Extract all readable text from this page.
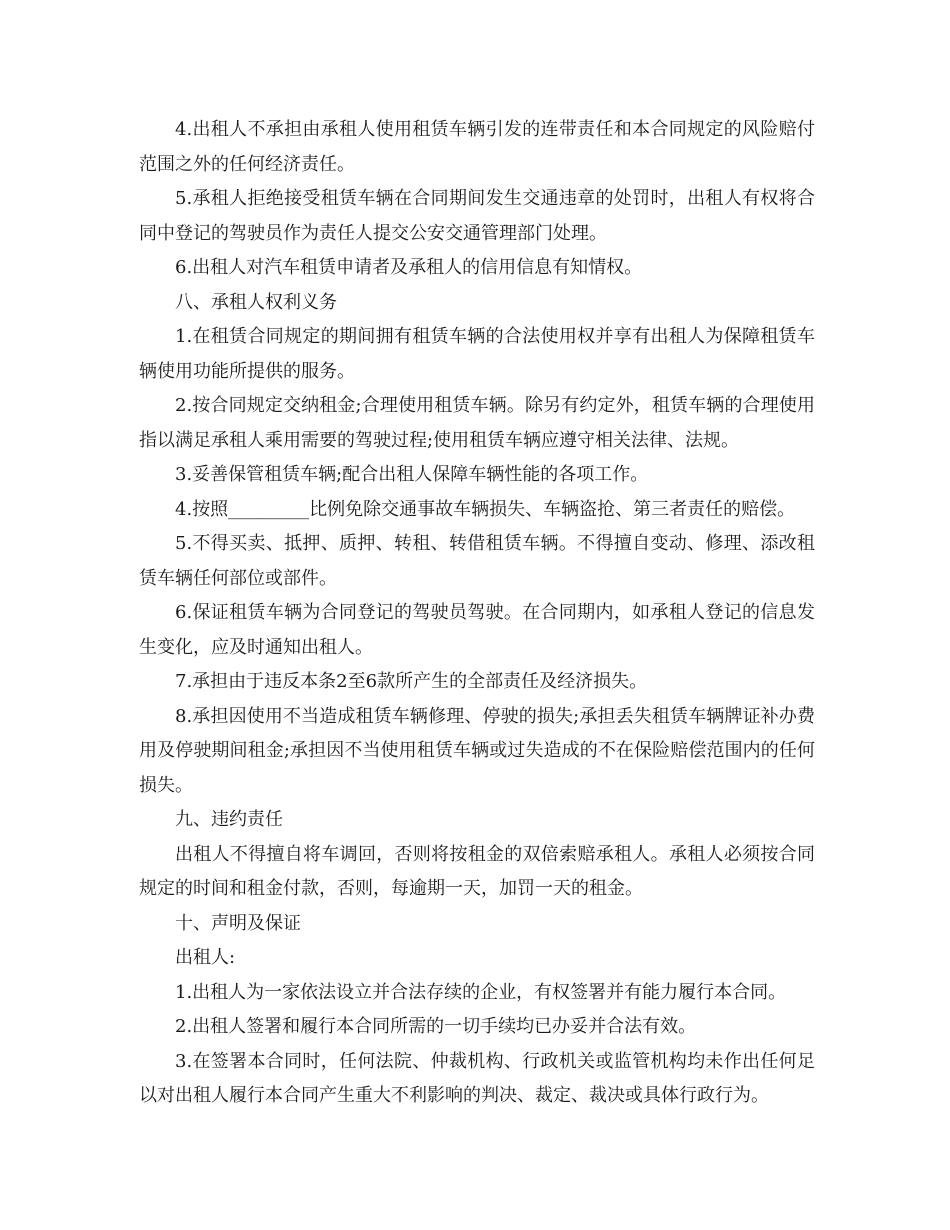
4.出租人不承担由承租人使用租赁车辆引发的连带责任和本合同规定的风险赔付范围之外的任何经济责任。

5.承租人拒绝接受租赁车辆在合同期间发生交通违章的处罚时，出租人有权将合同中登记的驾驶员作为责任人提交公安交通管理部门处理。

6.出租人对汽车租赁申请者及承租人的信用信息有知情权。

八、承租人权利义务

1.在租赁合同规定的期间拥有租赁车辆的合法使用权并享有出租人为保障租赁车辆使用功能所提供的服务。

2.按合同规定交纳租金;合理使用租赁车辆。除另有约定外，租赁车辆的合理使用指以满足承租人乘用需要的驾驶过程;使用租赁车辆应遵守相关法律、法规。

3.妥善保管租赁车辆;配合出租人保障车辆性能的各项工作。

4.按照_________比例免除交通事故车辆损失、车辆盗抢、第三者责任的赔偿。

5.不得买卖、抵押、质押、转租、转借租赁车辆。不得擅自变动、修理、添改租赁车辆任何部位或部件。

6.保证租赁车辆为合同登记的驾驶员驾驶。在合同期内，如承租人登记的信息发生变化，应及时通知出租人。

7.承担由于违反本条2至6款所产生的全部责任及经济损失。

8.承担因使用不当造成租赁车辆修理、停驶的损失;承担丢失租赁车辆牌证补办费用及停驶期间租金;承担因不当使用租赁车辆或过失造成的不在保险赔偿范围内的任何损失。

九、违约责任

出租人不得擅自将车调回，否则将按租金的双倍索赔承租人。承租人必须按合同规定的时间和租金付款，否则，每逾期一天，加罚一天的租金。

十、声明及保证

出租人:

1.出租人为一家依法设立并合法存续的企业，有权签署并有能力履行本合同。

2.出租人签署和履行本合同所需的一切手续均已办妥并合法有效。

3.在签署本合同时，任何法院、仲裁机构、行政机关或监管机构均未作出任何足以对出租人履行本合同产生重大不利影响的判决、裁定、裁决或具体行政行为。
